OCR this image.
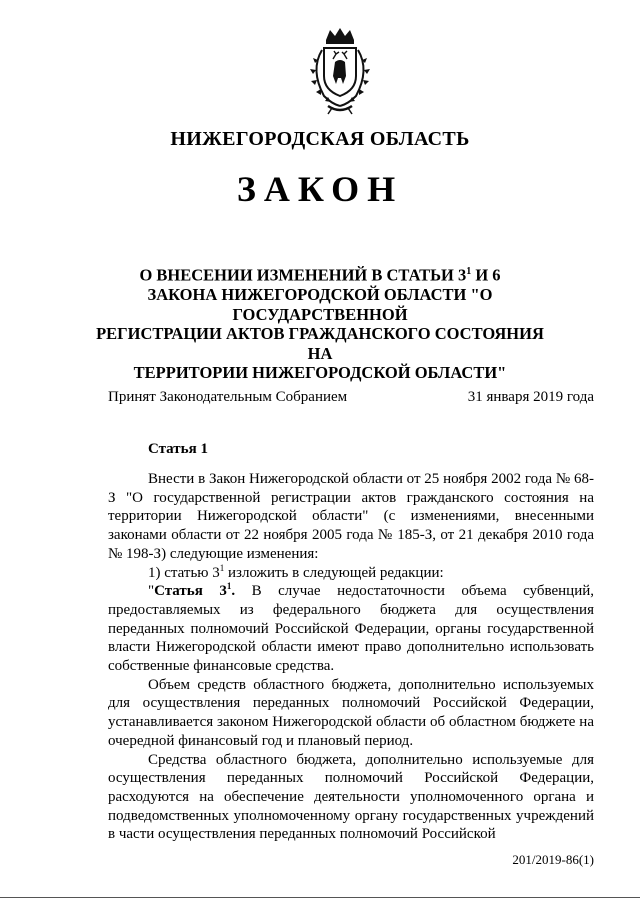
НИЖЕГОРОДСКАЯ ОБЛАСТЬ
ЗАКОН
О ВНЕСЕНИИ ИЗМЕНЕНИЙ В СТАТЬИ $3^1$ И 6
ЗАКОНА НИЖЕГОРОДСКОЙ ОБЛАСТИ "О ГОСУДАРСТВЕННОЙ
РЕГИСТРАЦИИ АКТОВ ГРАЖДАНСКОГО СОСТОЯНИЯ НА
ТЕРРИТОРИИ НИЖЕГОРОДСКОЙ ОБЛАСТИ"
Принят Законодательным Собранием	31 января 2019 года
Статья 1

Внести в Закон Нижегородской области от 25 ноября 2002 года № 68-З "О государственной регистрации актов гражданского состояния на территории Нижегородской области" (с изменениями, внесенными законами области от 22 ноября 2005 года № 185-З, от 21 декабря 2010 года № 198-З) следующие изменения:

1) статью $3^1$ изложить в следующей редакции:

"Статья $3^1$. В случае недостаточности объема субвенций, предоставляемых из федерального бюджета для осуществления переданных полномочий Российской Федерации, органы государственной власти Нижегородской области имеют право дополнительно использовать собственные финансовые средства.

Объем средств областного бюджета, дополнительно используемых для осуществления переданных полномочий Российской Федерации, устанавливается законом Нижегородской области об областном бюджете на очередной финансовый год и плановый период.

Средства областного бюджета, дополнительно используемые для осуществления переданных полномочий Российской Федерации, расходуются на обеспечение деятельности уполномоченного органа и подведомственных уполномоченному органу государственных учреждений в части осуществления переданных полномочий Российской

201/2019-86(1)
